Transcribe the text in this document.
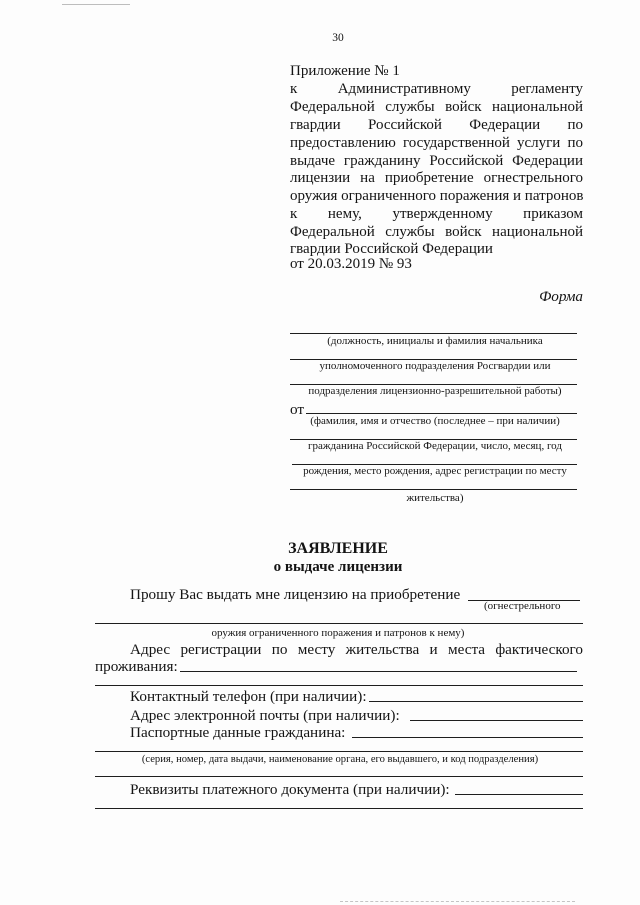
30
Приложение № 1
к Административному регламенту
Федеральной службы войск национальной
гвардии Российской Федерации по
предоставлению государственной услуги по
выдаче гражданину Российской Федерации
лицензии на приобретение огнестрельного
оружия ограниченного поражения и патронов
к нему, утвержденному приказом
Федеральной службы войск национальной
гвардии Российской Федерации
от 20.03.2019 № 93
Форма
(должность, инициалы и фамилия начальника
уполномоченного подразделения Росгвардии или
подразделения лицензионно-разрешительной работы)
от
(фамилия, имя и отчество (последнее – при наличии)
гражданина Российской Федерации, число, месяц, год
рождения, место рождения, адрес регистрации по месту
жительства)
ЗАЯВЛЕНИЕ
о выдаче лицензии
Прошу Вас выдать мне лицензию на приобретение
(огнестрельного
оружия ограниченного поражения и патронов к нему)
Адрес регистрации по месту жительства и места фактического
проживания:
Контактный телефон (при наличии):
Адрес электронной почты (при наличии):
Паспортные данные гражданина:
(серия, номер, дата выдачи, наименование органа, его выдавшего, и код подразделения)
Реквизиты платежного документа (при наличии):
